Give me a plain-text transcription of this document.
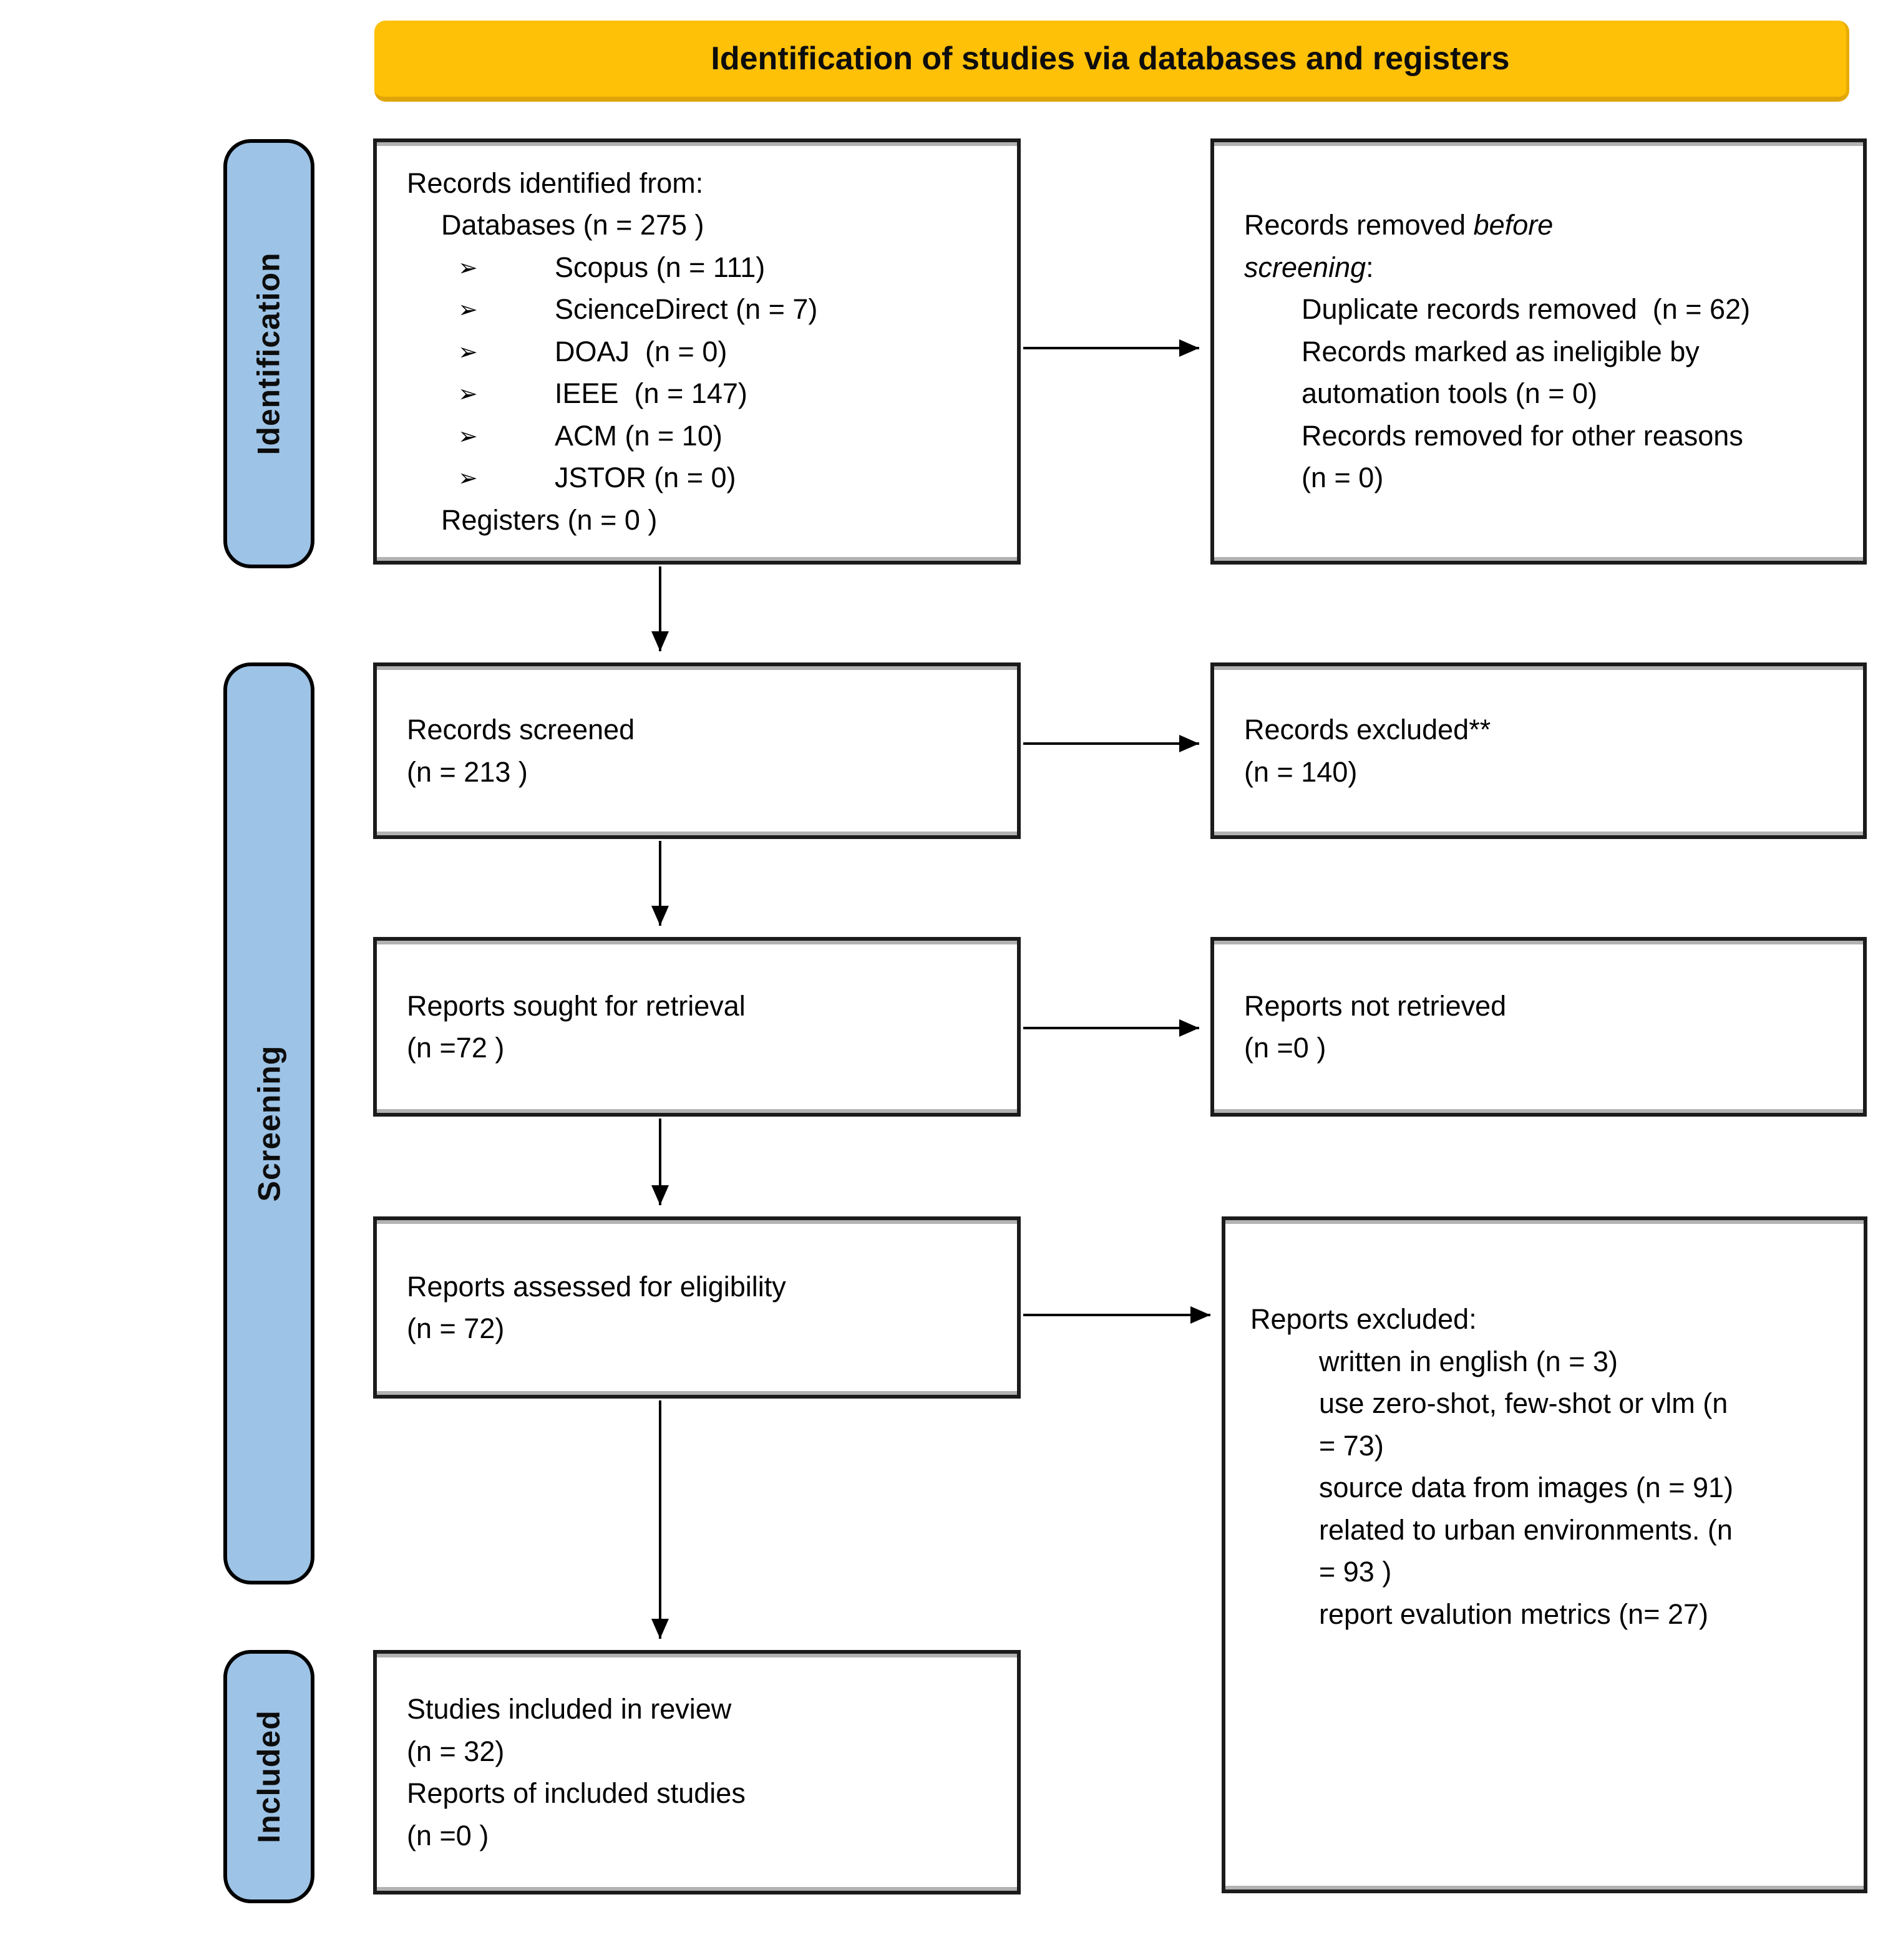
Identification of studies via databases and registers
Identification
Screening
Included
Records identified from:
Databases (n = 275 )
➢	Scopus (n = 111)
➢	ScienceDirect (n = 7)
➢	DOAJ  (n = 0)
➢	IEEE  (n = 147)
➢	ACM (n = 10)
➢	JSTOR (n = 0)
Registers (n = 0 )
Records removed before screening:
Duplicate records removed  (n = 62)
Records marked as ineligible by automation tools (n = 0)
Records removed for other reasons (n = 0)
Records screened
(n = 213 )
Records excluded**
(n = 140)
Reports sought for retrieval
(n =72 )
Reports not retrieved
(n =0 )
Reports assessed for eligibility
(n = 72)	Reports excluded:
written in english (n = 3)
use zero-shot, few-shot or vlm (n = 73)
source data from images (n = 91)
related to urban environments. (n = 93 )
report evalution metrics (n= 27)
Studies included in review
(n = 32)
Reports of included studies
(n =0 )
